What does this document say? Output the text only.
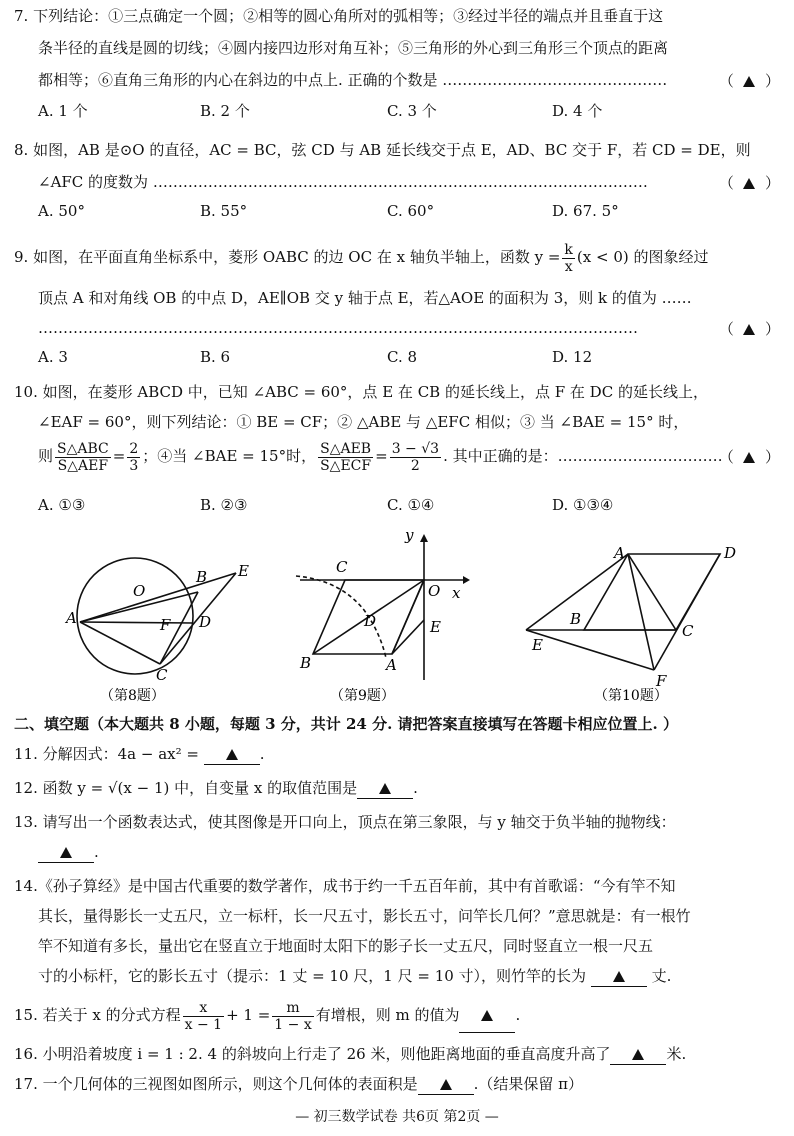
7. 下列结论：①三点确定一个圆；②相等的圆心角所对的弧相等；③经过半径的端点并且垂直于这
条半径的直线是圆的切线；④圆内接四边形对角互补；⑤三角形的外心到三角形三个顶点的距离
都相等；⑥直角三角形的内心在斜边的中点上. 正确的个数是 ………………………………………	（ ）
A. 1 个	B. 2 个	C. 3 个	D. 4 个
8. 如图，AB 是⊙O 的直径，AC = BC，弦 CD 与 AB 延长线交于点 E，AD、BC 交于 F，若 CD = DE，则
∠AFC 的度数为 ………………………………………………………………………………………	（ ）
A. 50°	B. 55°	C. 60°	D. 67. 5°
9. 如图，在平面直角坐标系中，菱形 OABC 的边 OC 在 x 轴负半轴上，函数 $y = \frac{k}{x} (x < 0)$ 的图象经过
顶点 A 和对角线 OB 的中点 D，AE∥OB 交 y 轴于点 E，若△AOE 的面积为 3，则 k 的值为 ……
…………………………………………………………………………………………………………	（ ）
A. 3	B. 6	C. 8	D. 12
10. 如图，在菱形 ABCD 中，已知 ∠ABC = 60°，点 E 在 CB 的延长线上，点 F 在 DC 的延长线上，
∠EAF = 60°，则下列结论：① BE = CF；② △ABE 与 △EFC 相似；③ 当 ∠BAE = 15° 时，
则 $\frac{\text{S△ABC}}{\text{S△AEF}} = \frac{2}{3}$ ；④当 ∠BAE = 15°时， $\frac{\text{S△AEB}}{\text{S△ECF}} = \frac{3 - √3}{2}$ . 其中正确的是：……………………………
（ ）
A. ①③	B. ②③	C. ①④	D. ①③④
A
B E
O
F D
C
（第8题）
y
x
O
C
D	E
A
B
（第9题）
A	D
B
C
E
F
（第10题）
二、填空题（本大题共 8 小题，每题 3 分，共计 24 分. 请把答案直接填写在答题卡相应位置上. ）
11. 分解因式：4a − ax² =	.
12. 函数 y = √(x − 1) 中，自变量 x 的取值范围是	.
13. 请写出一个函数表达式，使其图像是开口向上，顶点在第三象限，与 y 轴交于负半轴的抛物线：
.
14.《孙子算经》是中国古代重要的数学著作，成书于约一千五百年前，其中有首歌谣：“今有竿不知
其长，量得影长一丈五尺，立一标杆，长一尺五寸，影长五寸，问竿长几何？”意思就是：有一根竹
竿不知道有多长，量出它在竖直立于地面时太阳下的影子长一丈五尺，同时竖直立一根一尺五
寸的小标杆，它的影长五寸（提示：1 丈 = 10 尺，1 尺 = 10 寸），则竹竿的长为	丈.
15. 若关于 x 的分式方程 $\frac{x}{x - 1} + 1 = \frac{m}{1 - x}$ 有增根，则 m 的值为	.
16. 小明沿着坡度 i = 1 : 2. 4 的斜坡向上行走了 26 米，则他距离地面的垂直高度升高了	米.
17. 一个几何体的三视图如图所示，则这个几何体的表面积是	.（结果保留 π）
— 初三数学试卷 共6页 第2页 —
